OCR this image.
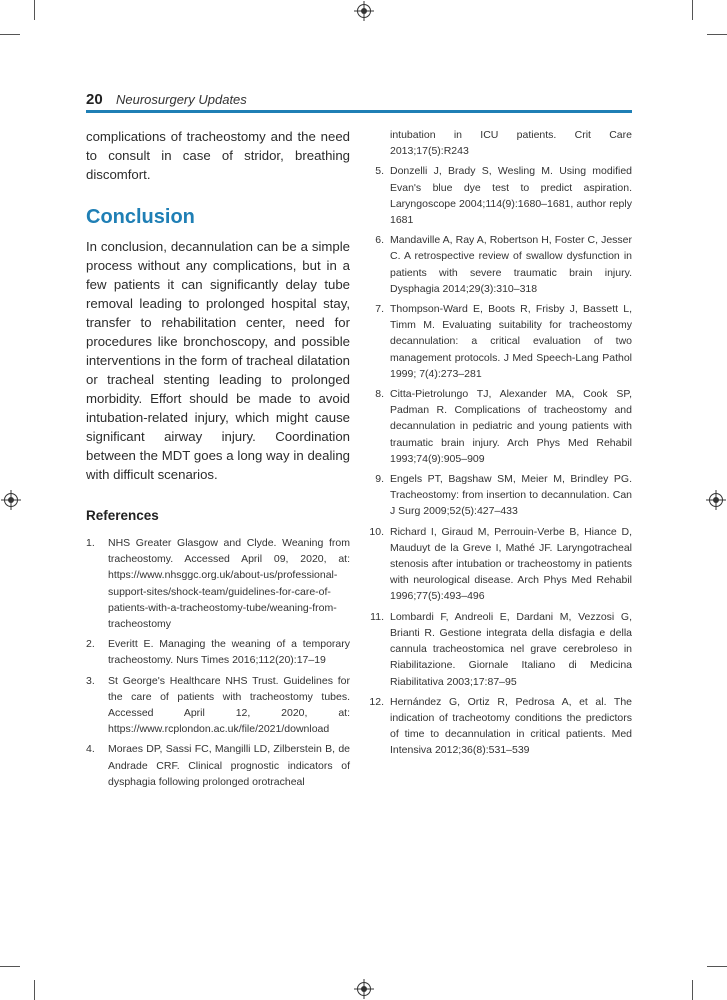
20 Neurosurgery Updates

complications of tracheostomy and the need to consult in case of stridor, breathing discomfort.

Conclusion

In conclusion, decannulation can be a simple process without any complications, but in a few patients it can significantly delay tube removal leading to prolonged hospital stay, transfer to rehabilitation center, need for procedures like bronchoscopy, and possible interventions in the form of tracheal dilatation or tracheal stenting leading to prolonged morbidity. Effort should be made to avoid intubation-related injury, which might cause significant airway injury. Coordination between the MDT goes a long way in dealing with difficult scenarios.

References
1.	NHS Greater Glasgow and Clyde. Weaning from tracheostomy. Accessed April 09, 2020, at: https://www.nhsggc.org.uk/about-us/professional-support-sites/shock-team/guidelines-for-care-of-patients-with-a-tracheostomy-tube/weaning-from-tracheostomy
2.	Everitt E. Managing the weaning of a temporary tracheostomy. Nurs Times 2016;112(20):17–19
3.	St George's Healthcare NHS Trust. Guidelines for the care of patients with tracheostomy tubes. Accessed April 12, 2020, at: https://www.rcplondon.ac.uk/file/2021/download
4.	Moraes DP, Sassi FC, Mangilli LD, Zilberstein B, de Andrade CRF. Clinical prognostic indicators of dysphagia following prolonged orotracheal
intubation in ICU patients. Crit Care 2013;17(5):R243
5. Donzelli J, Brady S, Wesling M. Using modified Evan's blue dye test to predict aspiration. Laryngoscope 2004;114(9):1680–1681, author reply 1681
6. Mandaville A, Ray A, Robertson H, Foster C, Jesser C. A retrospective review of swallow dysfunction in patients with severe traumatic brain injury. Dysphagia 2014;29(3):310–318
7. Thompson-Ward E, Boots R, Frisby J, Bassett L, Timm M. Evaluating suitability for tracheostomy decannulation: a critical evaluation of two management protocols. J Med Speech-Lang Pathol 1999; 7(4):273–281
8. Citta-Pietrolungo TJ, Alexander MA, Cook SP, Padman R. Complications of tracheostomy and decannulation in pediatric and young patients with traumatic brain injury. Arch Phys Med Rehabil 1993;74(9):905–909
9. Engels PT, Bagshaw SM, Meier M, Brindley PG. Tracheostomy: from insertion to decannulation. Can J Surg 2009;52(5):427–433
10. Richard I, Giraud M, Perrouin-Verbe B, Hiance D, Mauduyt de la Greve I, Mathé JF. Laryngotracheal stenosis after intubation or tracheostomy in patients with neurological disease. Arch Phys Med Rehabil 1996;77(5):493–496
11. Lombardi F, Andreoli E, Dardani M, Vezzosi G, Brianti R. Gestione integrata della disfagia e della cannula tracheostomica nel grave cerebroleso in Riabilitazione. Giornale Italiano di Medicina Riabilitativa 2003;17:87–95
12. Hernández G, Ortiz R, Pedrosa A, et al. The indication of tracheotomy conditions the predictors of time to decannulation in critical patients. Med Intensiva 2012;36(8):531–539
